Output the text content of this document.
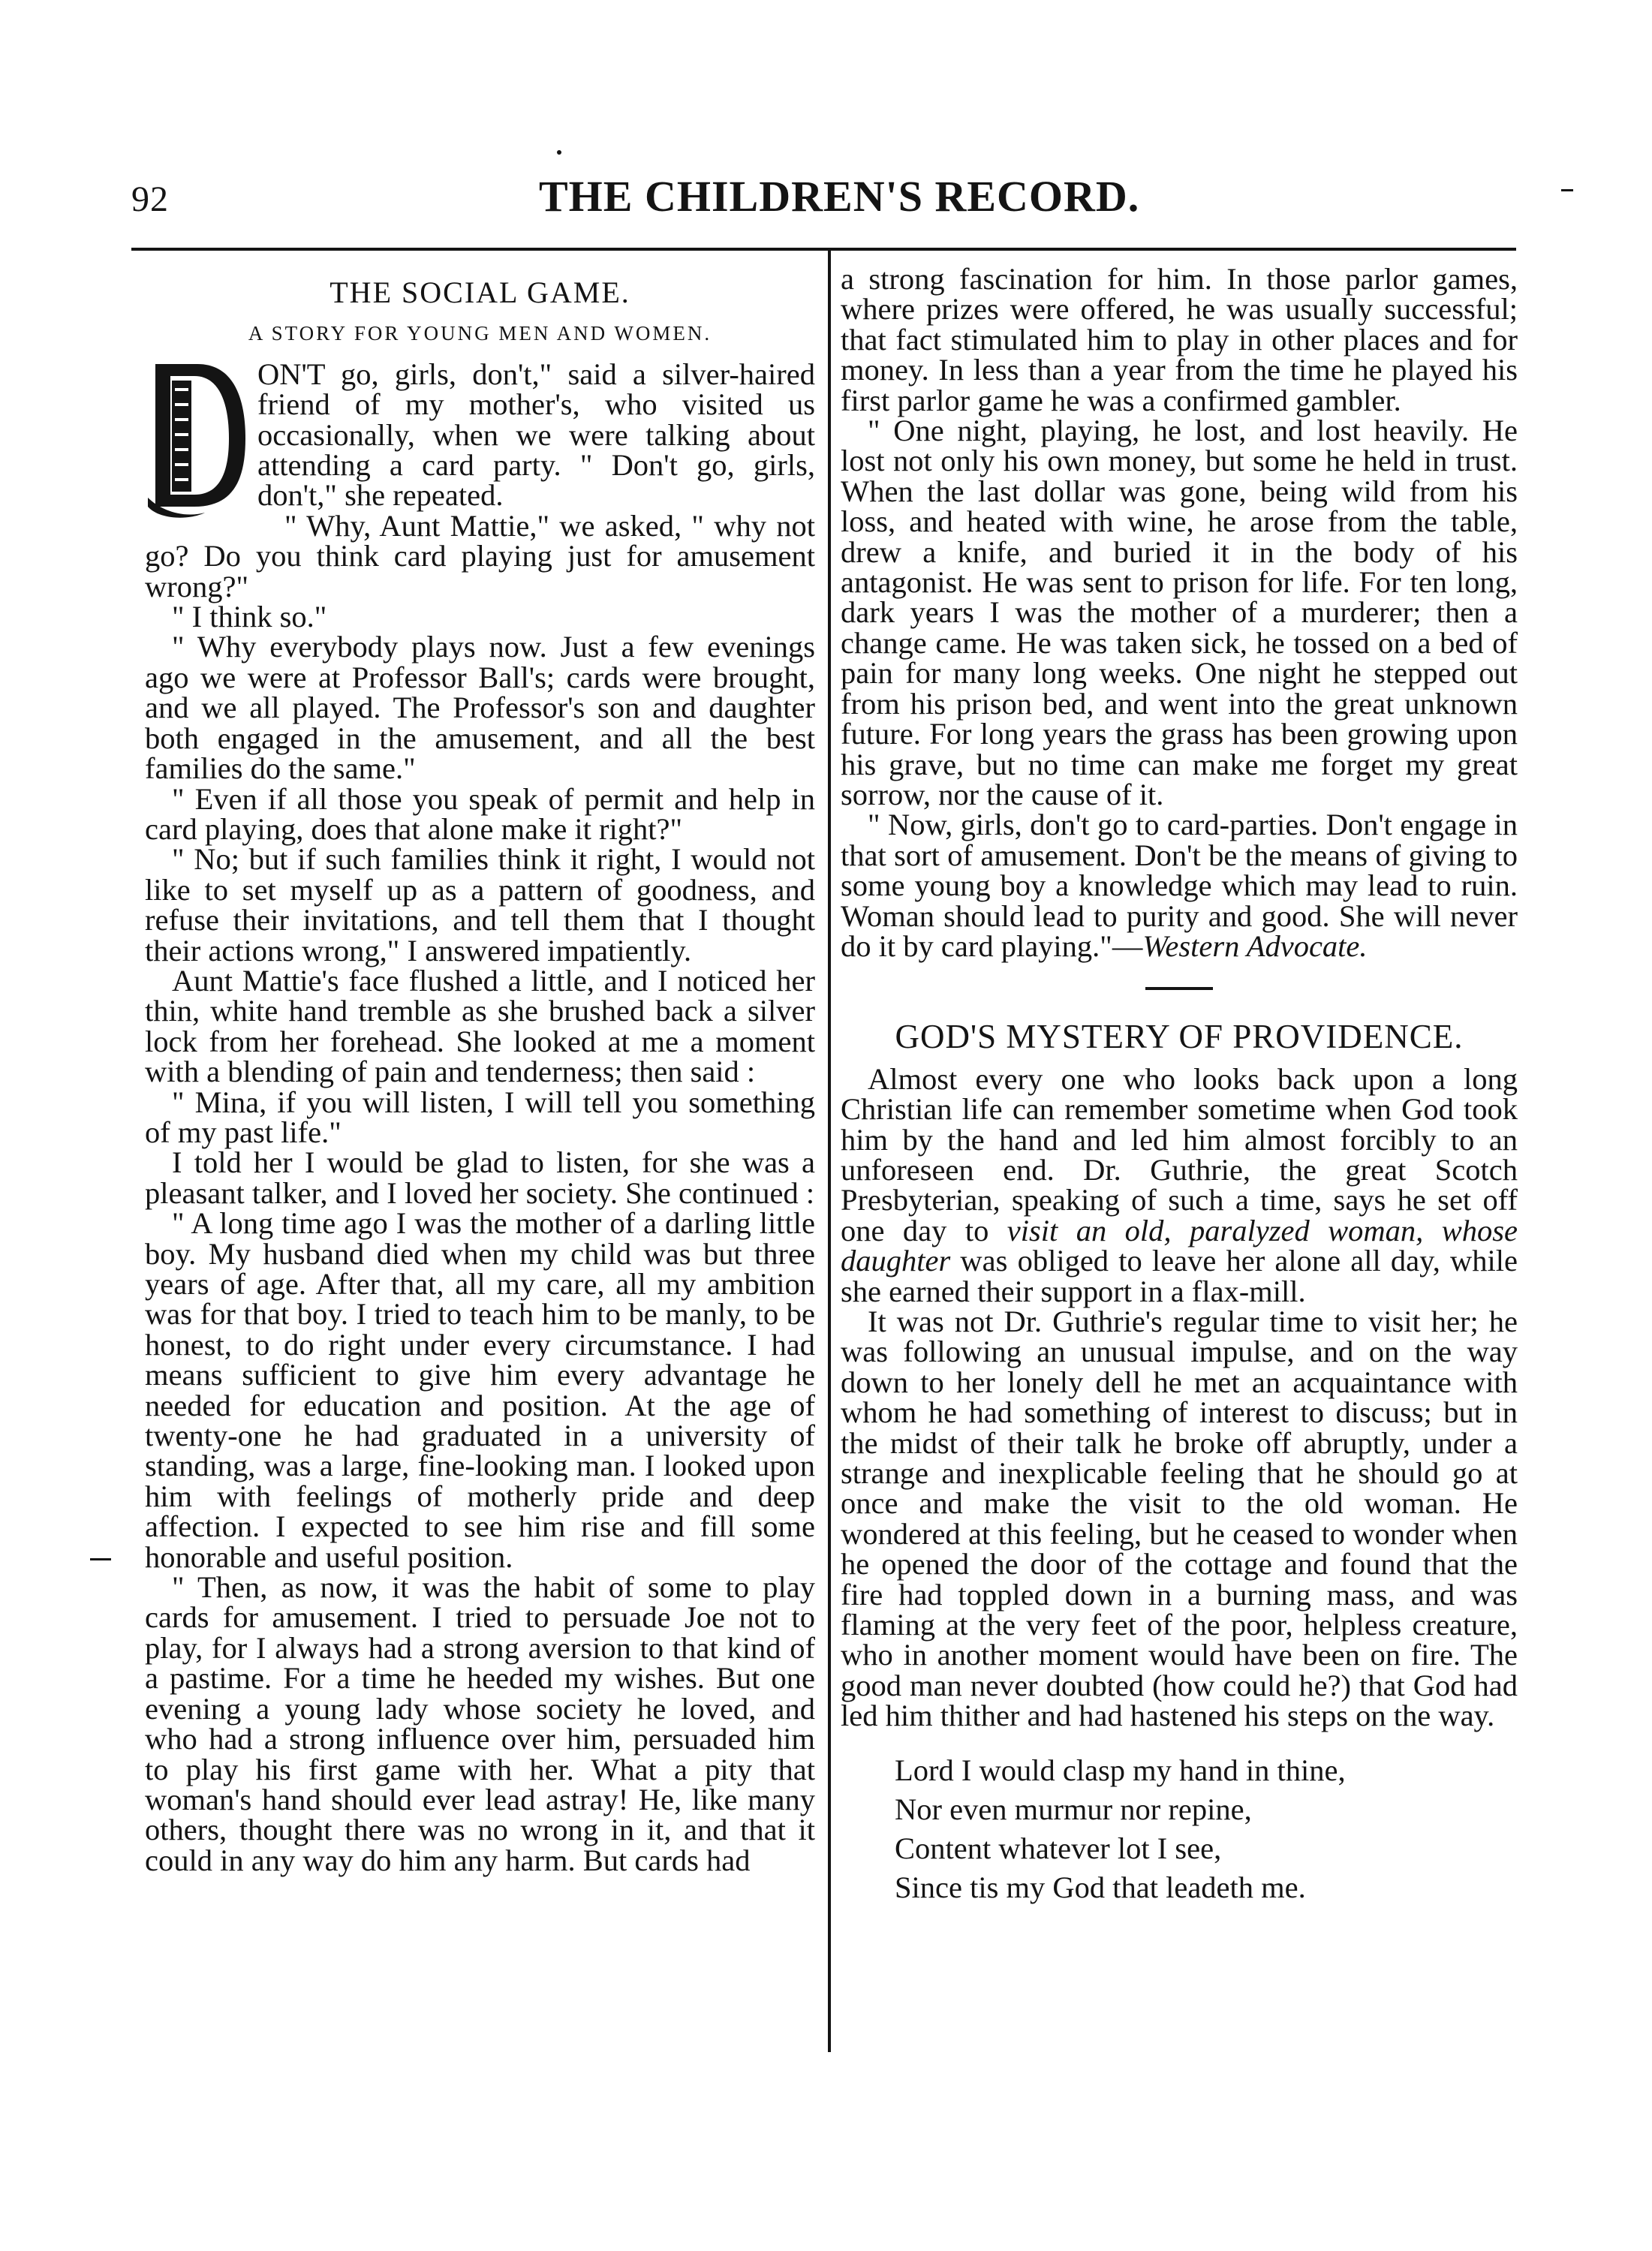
92	THE CHILDREN'S RECORD.
THE SOCIAL GAME.
A STORY FOR YOUNG MEN AND WOMEN.

ON'T go, girls, don't," said a silver-haired friend of my mother's, who visited us occasionally, when we were talking about attending a card party. " Don't go, girls, don't," she repeated.

" Why, Aunt Mattie," we asked, " why not go? Do you think card playing just for amusement wrong?"

" I think so."

" Why everybody plays now. Just a few evenings ago we were at Professor Ball's; cards were brought, and we all played. The Professor's son and daughter both engaged in the amusement, and all the best families do the same."

" Even if all those you speak of permit and help in card playing, does that alone make it right?"

" No; but if such families think it right, I would not like to set myself up as a pattern of goodness, and refuse their invitations, and tell them that I thought their actions wrong," I answered impatiently.

Aunt Mattie's face flushed a little, and I noticed her thin, white hand tremble as she brushed back a silver lock from her forehead. She looked at me a moment with a blending of pain and tenderness; then said :

" Mina, if you will listen, I will tell you something of my past life."

I told her I would be glad to listen, for she was a pleasant talker, and I loved her society. She continued :

" A long time ago I was the mother of a darling little boy. My husband died when my child was but three years of age. After that, all my care, all my ambition was for that boy. I tried to teach him to be manly, to be honest, to do right under every circumstance. I had means sufficient to give him every advantage he needed for education and position. At the age of twenty-one he had graduated in a university of standing, was a large, fine-looking man. I looked upon him with feelings of motherly pride and deep affection. I expected to see him rise and fill some honorable and useful position.

" Then, as now, it was the habit of some to play cards for amusement. I tried to persuade Joe not to play, for I always had a strong aversion to that kind of a pastime. For a time he heeded my wishes. But one evening a young lady whose society he loved, and who had a strong influence over him, persuaded him to play his first game with her. What a pity that woman's hand should ever lead astray! He, like many others, thought there was no wrong in it, and that it could in any way do him any harm. But cards had

a strong fascination for him. In those parlor games, where prizes were offered, he was usually successful; that fact stimulated him to play in other places and for money. In less than a year from the time he played his first parlor game he was a confirmed gambler.

" One night, playing, he lost, and lost heavily. He lost not only his own money, but some he held in trust. When the last dollar was gone, being wild from his loss, and heated with wine, he arose from the table, drew a knife, and buried it in the body of his antagonist. He was sent to prison for life. For ten long, dark years I was the mother of a murderer; then a change came. He was taken sick, he tossed on a bed of pain for many long weeks. One night he stepped out from his prison bed, and went into the great unknown future. For long years the grass has been growing upon his grave, but no time can make me forget my great sorrow, nor the cause of it.

" Now, girls, don't go to card-parties. Don't engage in that sort of amusement. Don't be the means of giving to some young boy a knowledge which may lead to ruin. Woman should lead to purity and good. She will never do it by card playing."—Western Advocate.

GOD'S MYSTERY OF PROVIDENCE.

Almost every one who looks back upon a long Christian life can remember sometime when God took him by the hand and led him almost forcibly to an unforeseen end. Dr. Guthrie, the great Scotch Presbyterian, speaking of such a time, says he set off one day to visit an old, paralyzed woman, whose daughter was obliged to leave her alone all day, while she earned their support in a flax-mill.

It was not Dr. Guthrie's regular time to visit her; he was following an unusual impulse, and on the way down to her lonely dell he met an acquaintance with whom he had something of interest to discuss; but in the midst of their talk he broke off abruptly, under a strange and inexplicable feeling that he should go at once and make the visit to the old woman. He wondered at this feeling, but he ceased to wonder when he opened the door of the cottage and found that the fire had toppled down in a burning mass, and was flaming at the very feet of the poor, helpless creature, who in another moment would have been on fire. The good man never doubted (how could he?) that God had led him thither and had hastened his steps on the way.

Lord I would clasp my hand in thine,
Nor even murmur nor repine,
Content whatever lot I see,
Since tis my God that leadeth me.
